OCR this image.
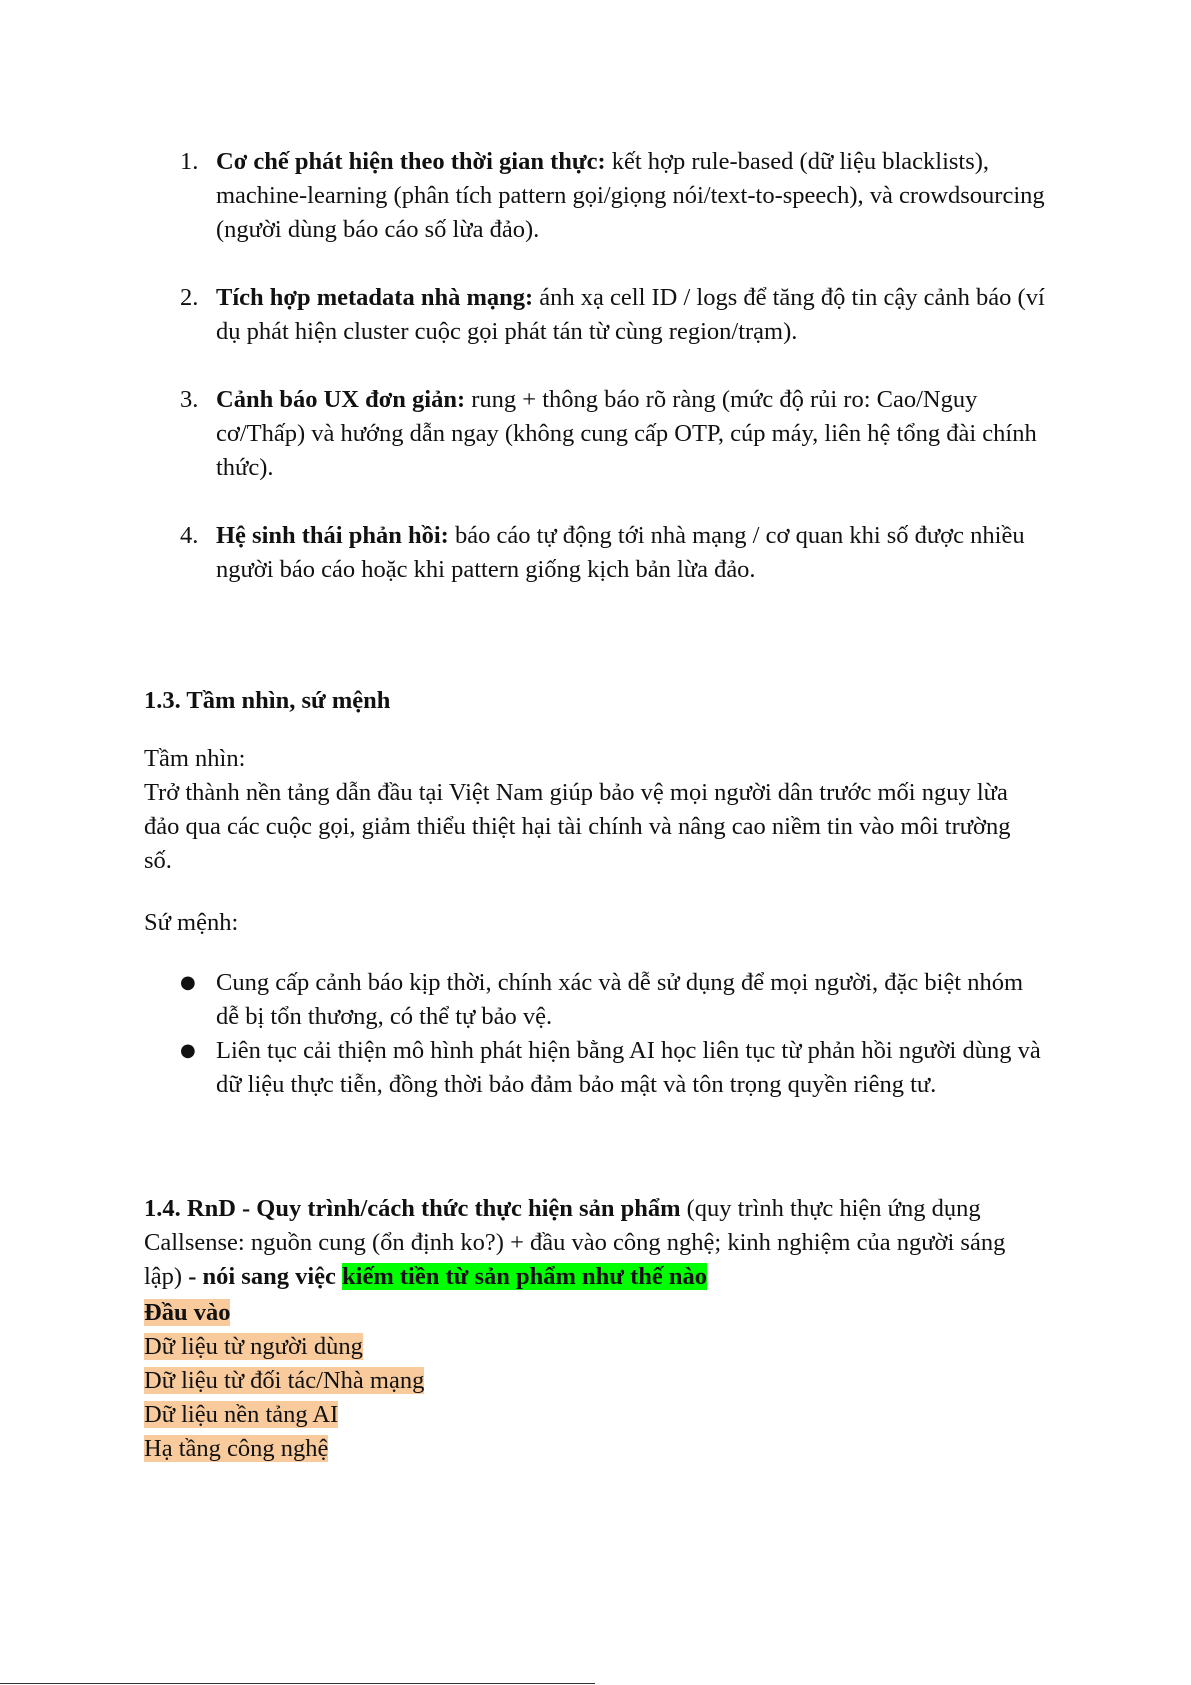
1. Cơ chế phát hiện theo thời gian thực: kết hợp rule-based (dữ liệu blacklists), machine-learning (phân tích pattern gọi/giọng nói/text-to-speech), và crowdsourcing (người dùng báo cáo số lừa đảo).
2. Tích hợp metadata nhà mạng: ánh xạ cell ID / logs để tăng độ tin cậy cảnh báo (ví dụ phát hiện cluster cuộc gọi phát tán từ cùng region/trạm).
3. Cảnh báo UX đơn giản: rung + thông báo rõ ràng (mức độ rủi ro: Cao/Nguy cơ/Thấp) và hướng dẫn ngay (không cung cấp OTP, cúp máy, liên hệ tổng đài chính thức).
4. Hệ sinh thái phản hồi: báo cáo tự động tới nhà mạng / cơ quan khi số được nhiều người báo cáo hoặc khi pattern giống kịch bản lừa đảo.
1.3. Tầm nhìn, sứ mệnh
Tầm nhìn:
Trở thành nền tảng dẫn đầu tại Việt Nam giúp bảo vệ mọi người dân trước mối nguy lừa đảo qua các cuộc gọi, giảm thiểu thiệt hại tài chính và nâng cao niềm tin vào môi trường số.
Sứ mệnh:
● Cung cấp cảnh báo kịp thời, chính xác và dễ sử dụng để mọi người, đặc biệt nhóm dễ bị tổn thương, có thể tự bảo vệ.
● Liên tục cải thiện mô hình phát hiện bằng AI học liên tục từ phản hồi người dùng và dữ liệu thực tiễn, đồng thời bảo đảm bảo mật và tôn trọng quyền riêng tư.
1.4. RnD - Quy trình/cách thức thực hiện sản phẩm (quy trình thực hiện ứng dụng Callsense: nguồn cung (ổn định ko?) + đầu vào công nghệ; kinh nghiệm của người sáng lập) - nói sang việc kiếm tiền từ sản phẩm như thế nào
Đầu vào
Dữ liệu từ người dùng
Dữ liệu từ đối tác/Nhà mạng
Dữ liệu nền tảng AI
Hạ tầng công nghệ
